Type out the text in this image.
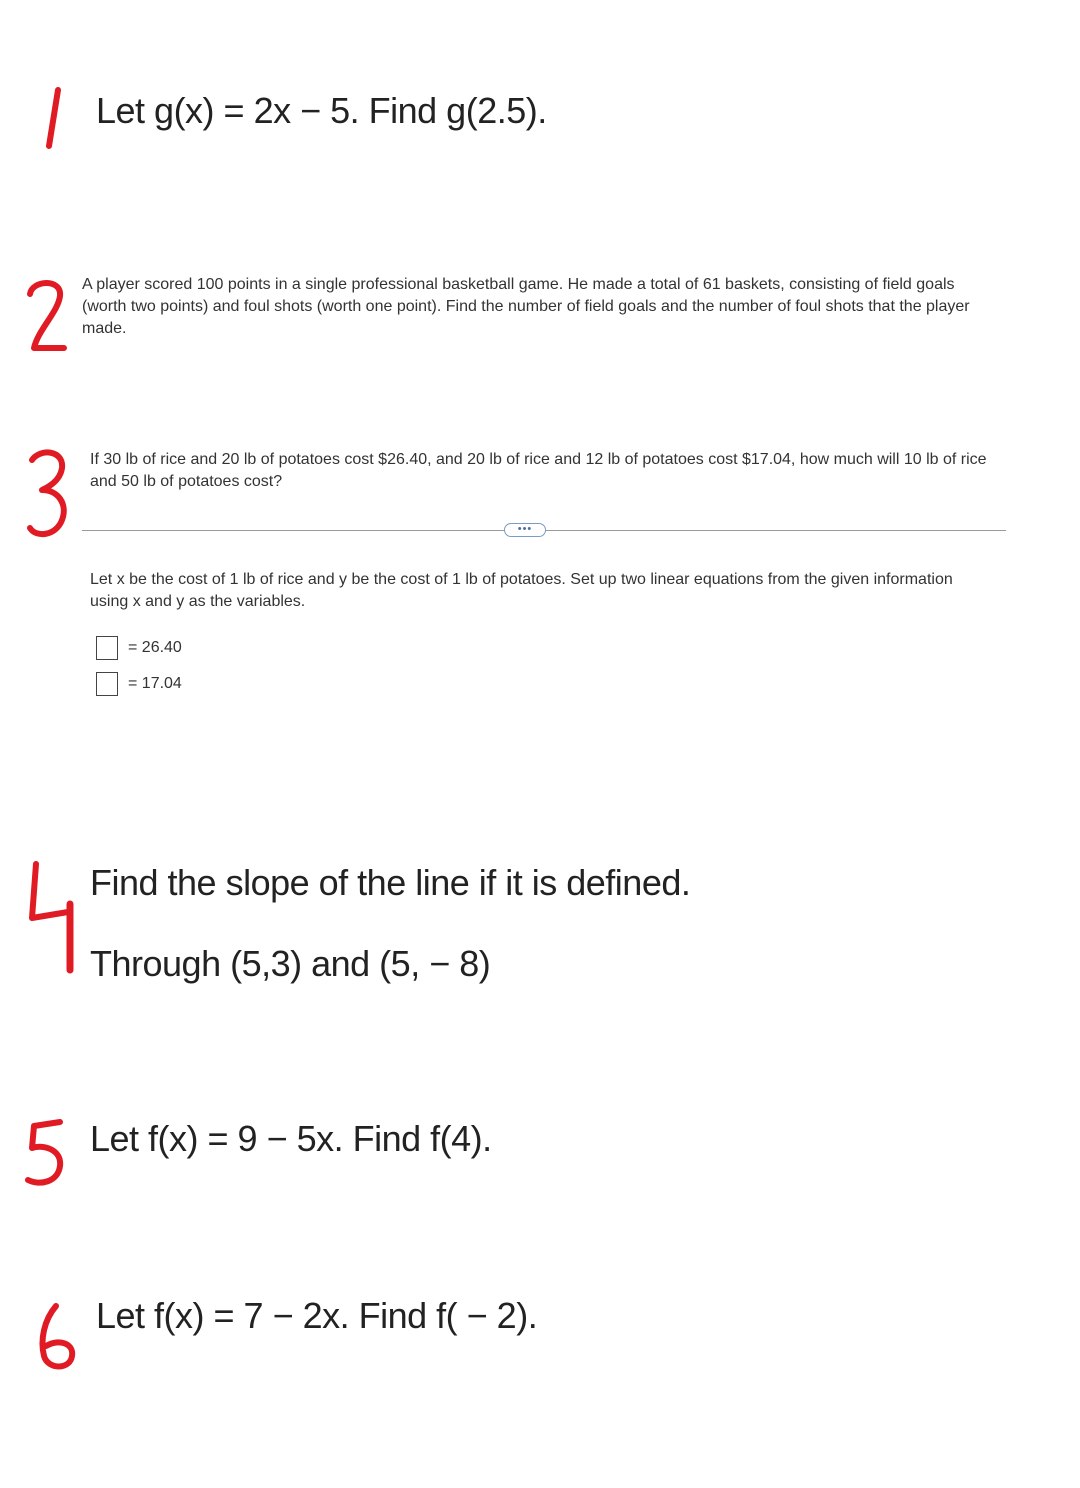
Let g(x) = 2x − 5. Find g(2.5).
A player scored 100 points in a single professional basketball game. He made a total of 61 baskets, consisting of field goals (worth two points) and foul shots (worth one point). Find the number of field goals and the number of foul shots that the player made.
If 30 lb of rice and 20 lb of potatoes cost $26.40, and 20 lb of rice and 12 lb of potatoes cost $17.04, how much will 10 lb of rice and 50 lb of potatoes cost?
•••
Let x be the cost of 1 lb of rice and y be the cost of 1 lb of potatoes. Set up two linear equations from the given information using x and y as the variables.
= 26.40
= 17.04
Find the slope of the line if it is defined.
Through (5,3) and (5, − 8)
Let f(x) = 9 − 5x. Find f(4).
Let f(x) = 7 − 2x. Find f( − 2).
